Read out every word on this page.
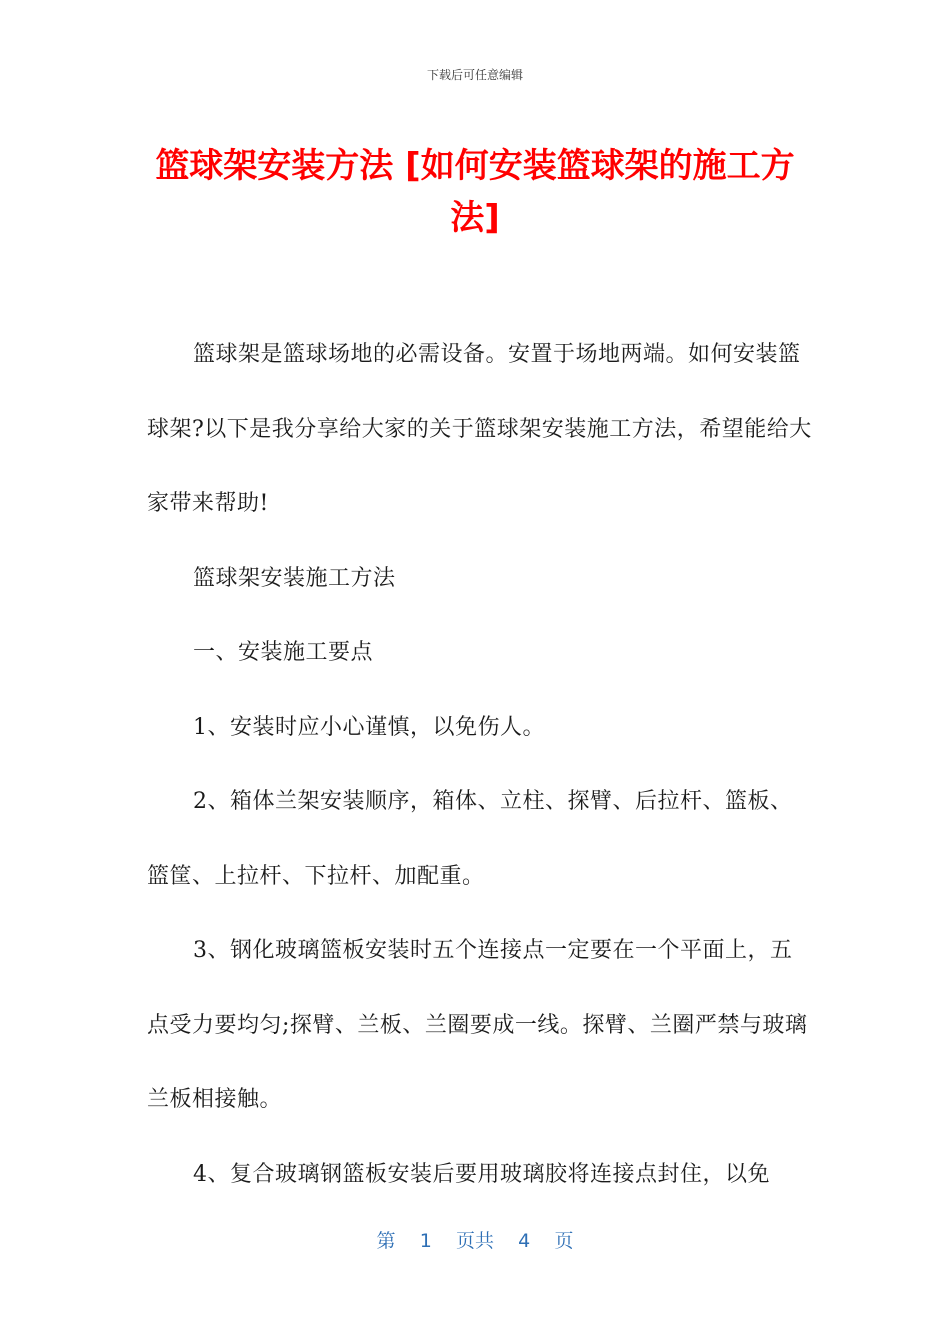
下载后可任意编辑
篮球架安装方法 [如何安装篮球架的施工方法]

篮球架是篮球场地的必需设备。安置于场地两端。如何安装篮球架?以下是我分享给大家的关于篮球架安装施工方法，希望能给大家带来帮助!

篮球架安装施工方法

一、安装施工要点

1、安装时应小心谨慎，以免伤人。

2、箱体兰架安装顺序，箱体、立柱、探臂、后拉杆、篮板、篮筐、上拉杆、下拉杆、加配重。

3、钢化玻璃篮板安装时五个连接点一定要在一个平面上，五点受力要均匀;探臂、兰板、兰圈要成一线。探臂、兰圈严禁与玻璃兰板相接触。

4、复合玻璃钢篮板安装后要用玻璃胶将连接点封住，以免

第 1 页共 4 页
